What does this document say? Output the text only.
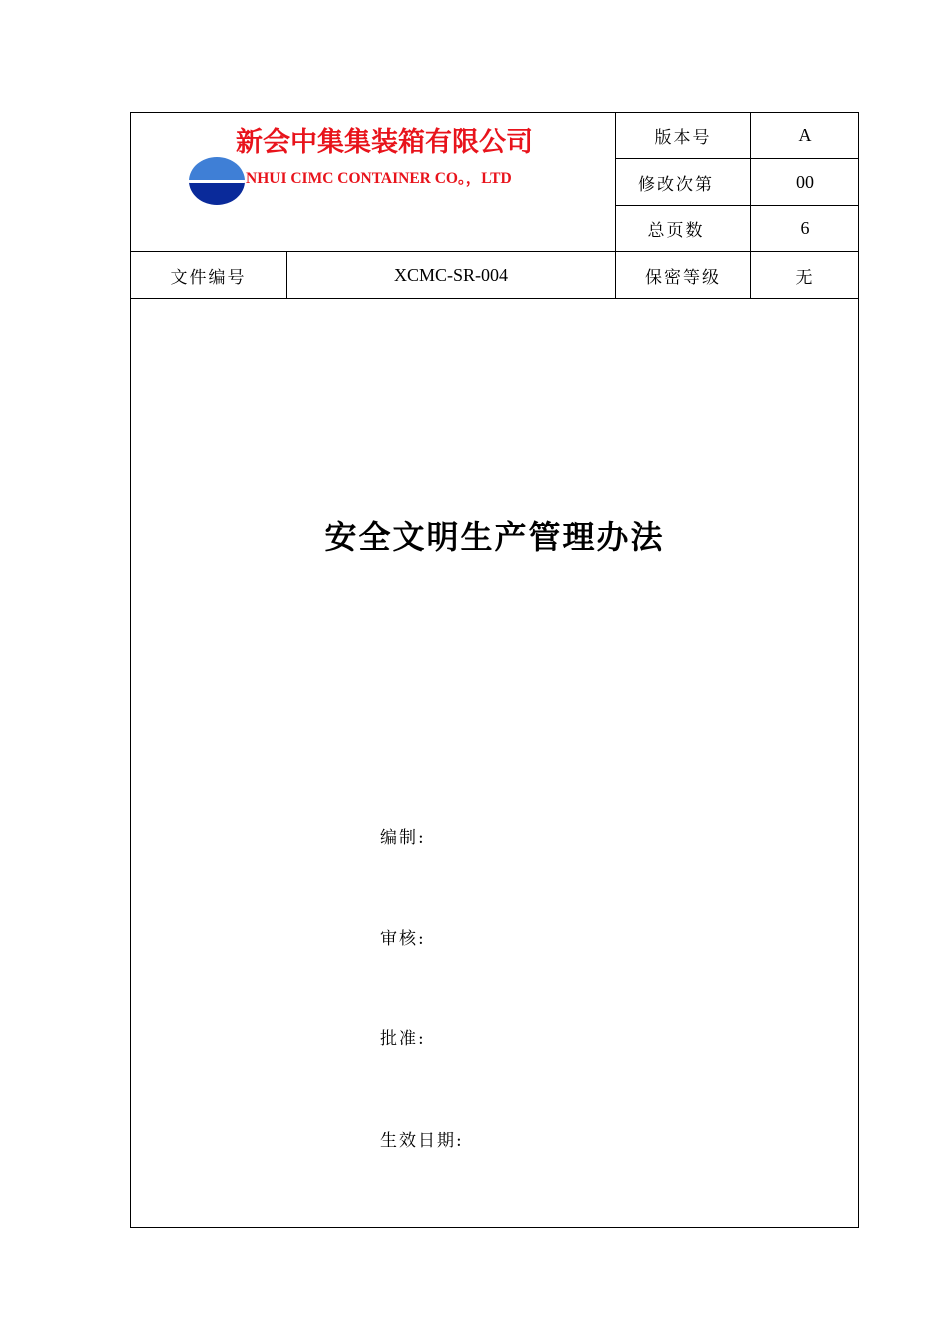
新会中集集装箱有限公司
NHUI CIMC CONTAINER CO。，LTD
版本号	A
修改次第	00
总页数	6
文件编号	XCMC-SR-004	保密等级	无
安全文明生产管理办法
编制:
审核:
批准:
生效日期:
